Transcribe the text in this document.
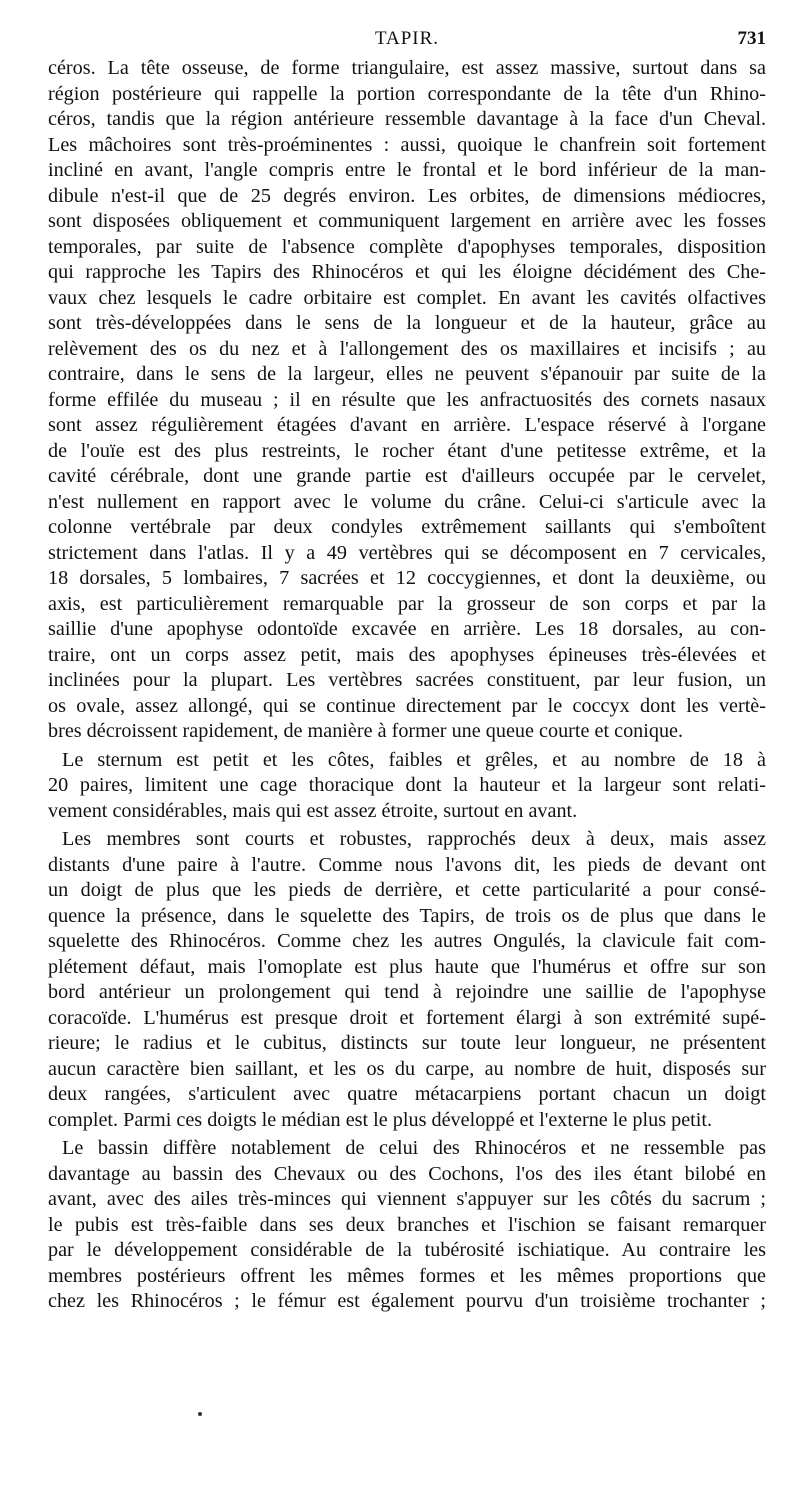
TAPIR.	731
céros. La tête osseuse, de forme triangulaire, est assez massive, surtout dans sa
région postérieure qui rappelle la portion correspondante de la tête d'un Rhino-
céros, tandis que la région antérieure ressemble davantage à la face d'un Cheval.
Les mâchoires sont très-proéminentes : aussi, quoique le chanfrein soit fortement
incliné en avant, l'angle compris entre le frontal et le bord inférieur de la man-
dibule n'est-il que de 25 degrés environ. Les orbites, de dimensions médiocres,
sont disposées obliquement et communiquent largement en arrière avec les fosses
temporales, par suite de l'absence complète d'apophyses temporales, disposition
qui rapproche les Tapirs des Rhinocéros et qui les éloigne décidément des Che-
vaux chez lesquels le cadre orbitaire est complet. En avant les cavités olfactives
sont très-développées dans le sens de la longueur et de la hauteur, grâce au
relèvement des os du nez et à l'allongement des os maxillaires et incisifs ; au
contraire, dans le sens de la largeur, elles ne peuvent s'épanouir par suite de la
forme effilée du museau ; il en résulte que les anfractuosités des cornets nasaux
sont assez régulièrement étagées d'avant en arrière. L'espace réservé à l'organe
de l'ouïe est des plus restreints, le rocher étant d'une petitesse extrême, et la
cavité cérébrale, dont une grande partie est d'ailleurs occupée par le cervelet,
n'est nullement en rapport avec le volume du crâne. Celui-ci s'articule avec la
colonne vertébrale par deux condyles extrêmement saillants qui s'emboîtent
strictement dans l'atlas. Il y a 49 vertèbres qui se décomposent en 7 cervicales,
18 dorsales, 5 lombaires, 7 sacrées et 12 coccygiennes, et dont la deuxième, ou
axis, est particulièrement remarquable par la grosseur de son corps et par la
saillie d'une apophyse odontoïde excavée en arrière. Les 18 dorsales, au con-
traire, ont un corps assez petit, mais des apophyses épineuses très-élevées et
inclinées pour la plupart. Les vertèbres sacrées constituent, par leur fusion, un
os ovale, assez allongé, qui se continue directement par le coccyx dont les vertè-
bres décroissent rapidement, de manière à former une queue courte et conique.
Le sternum est petit et les côtes, faibles et grêles, et au nombre de 18 à
20 paires, limitent une cage thoracique dont la hauteur et la largeur sont relati-
vement considérables, mais qui est assez étroite, surtout en avant.
Les membres sont courts et robustes, rapprochés deux à deux, mais assez
distants d'une paire à l'autre. Comme nous l'avons dit, les pieds de devant ont
un doigt de plus que les pieds de derrière, et cette particularité a pour consé-
quence la présence, dans le squelette des Tapirs, de trois os de plus que dans le
squelette des Rhinocéros. Comme chez les autres Ongulés, la clavicule fait com-
plétement défaut, mais l'omoplate est plus haute que l'humérus et offre sur son
bord antérieur un prolongement qui tend à rejoindre une saillie de l'apophyse
coracoïde. L'humérus est presque droit et fortement élargi à son extrémité supé-
rieure; le radius et le cubitus, distincts sur toute leur longueur, ne présentent
aucun caractère bien saillant, et les os du carpe, au nombre de huit, disposés sur
deux rangées, s'articulent avec quatre métacarpiens portant chacun un doigt
complet. Parmi ces doigts le médian est le plus développé et l'externe le plus petit.
Le bassin diffère notablement de celui des Rhinocéros et ne ressemble pas
davantage au bassin des Chevaux ou des Cochons, l'os des iles étant bilobé en
avant, avec des ailes très-minces qui viennent s'appuyer sur les côtés du sacrum ;
le pubis est très-faible dans ses deux branches et l'ischion se faisant remarquer
par le développement considérable de la tubérosité ischiatique. Au contraire les
membres postérieurs offrent les mêmes formes et les mêmes proportions que
chez les Rhinocéros ; le fémur est également pourvu d'un troisième trochanter ;
